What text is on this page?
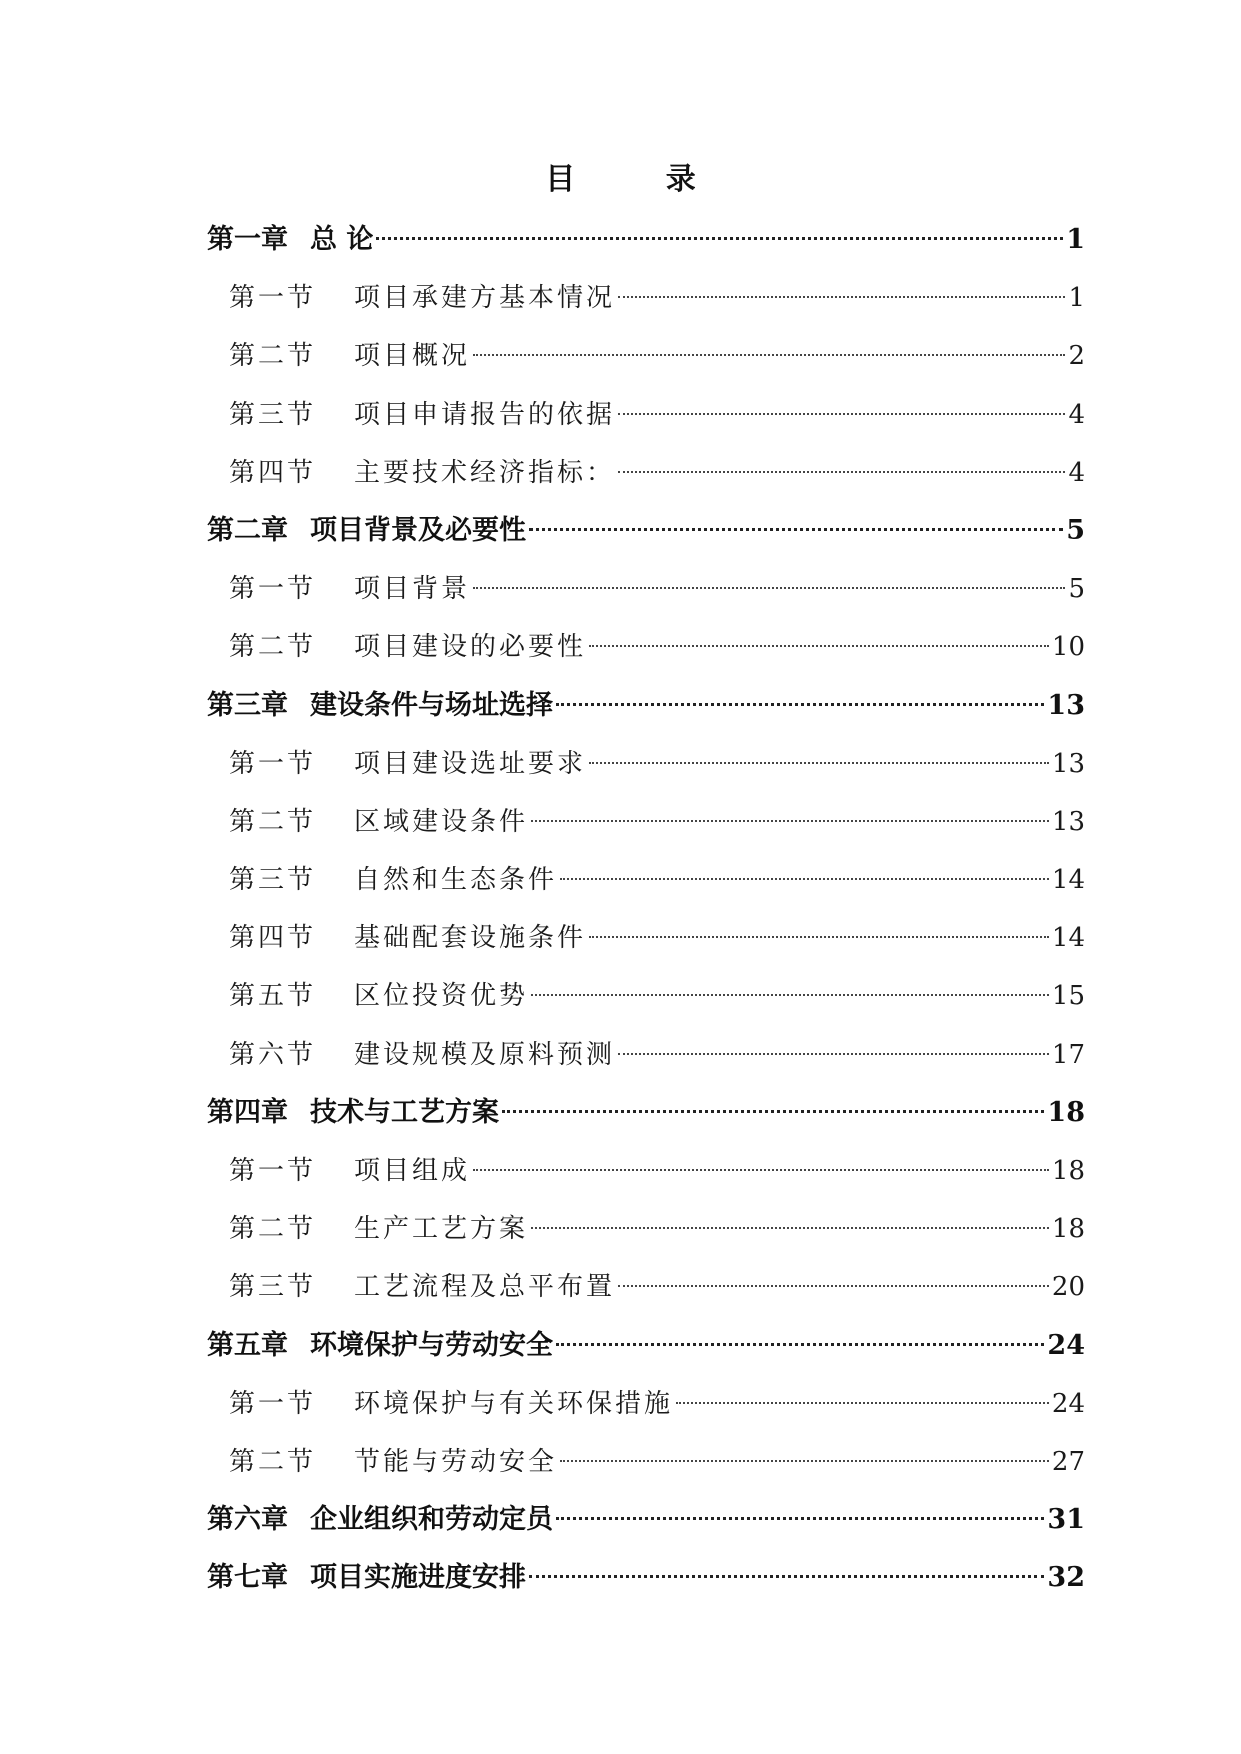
目 录
第一章 总 论	1
第一节 项目承建方基本情况	1
第二节 项目概况	2
第三节 项目申请报告的依据	4
第四节 主要技术经济指标：	4
第二章 项目背景及必要性	5
第一节 项目背景	5
第二节 项目建设的必要性	10
第三章 建设条件与场址选择	13
第一节 项目建设选址要求	13
第二节 区域建设条件	13
第三节 自然和生态条件	14
第四节 基础配套设施条件	14
第五节 区位投资优势	15
第六节 建设规模及原料预测	17
第四章 技术与工艺方案	18
第一节 项目组成	18
第二节 生产工艺方案	18
第三节 工艺流程及总平布置	20
第五章 环境保护与劳动安全	24
第一节 环境保护与有关环保措施	24
第二节 节能与劳动安全	27
第六章 企业组织和劳动定员	31
第七章 项目实施进度安排	32
